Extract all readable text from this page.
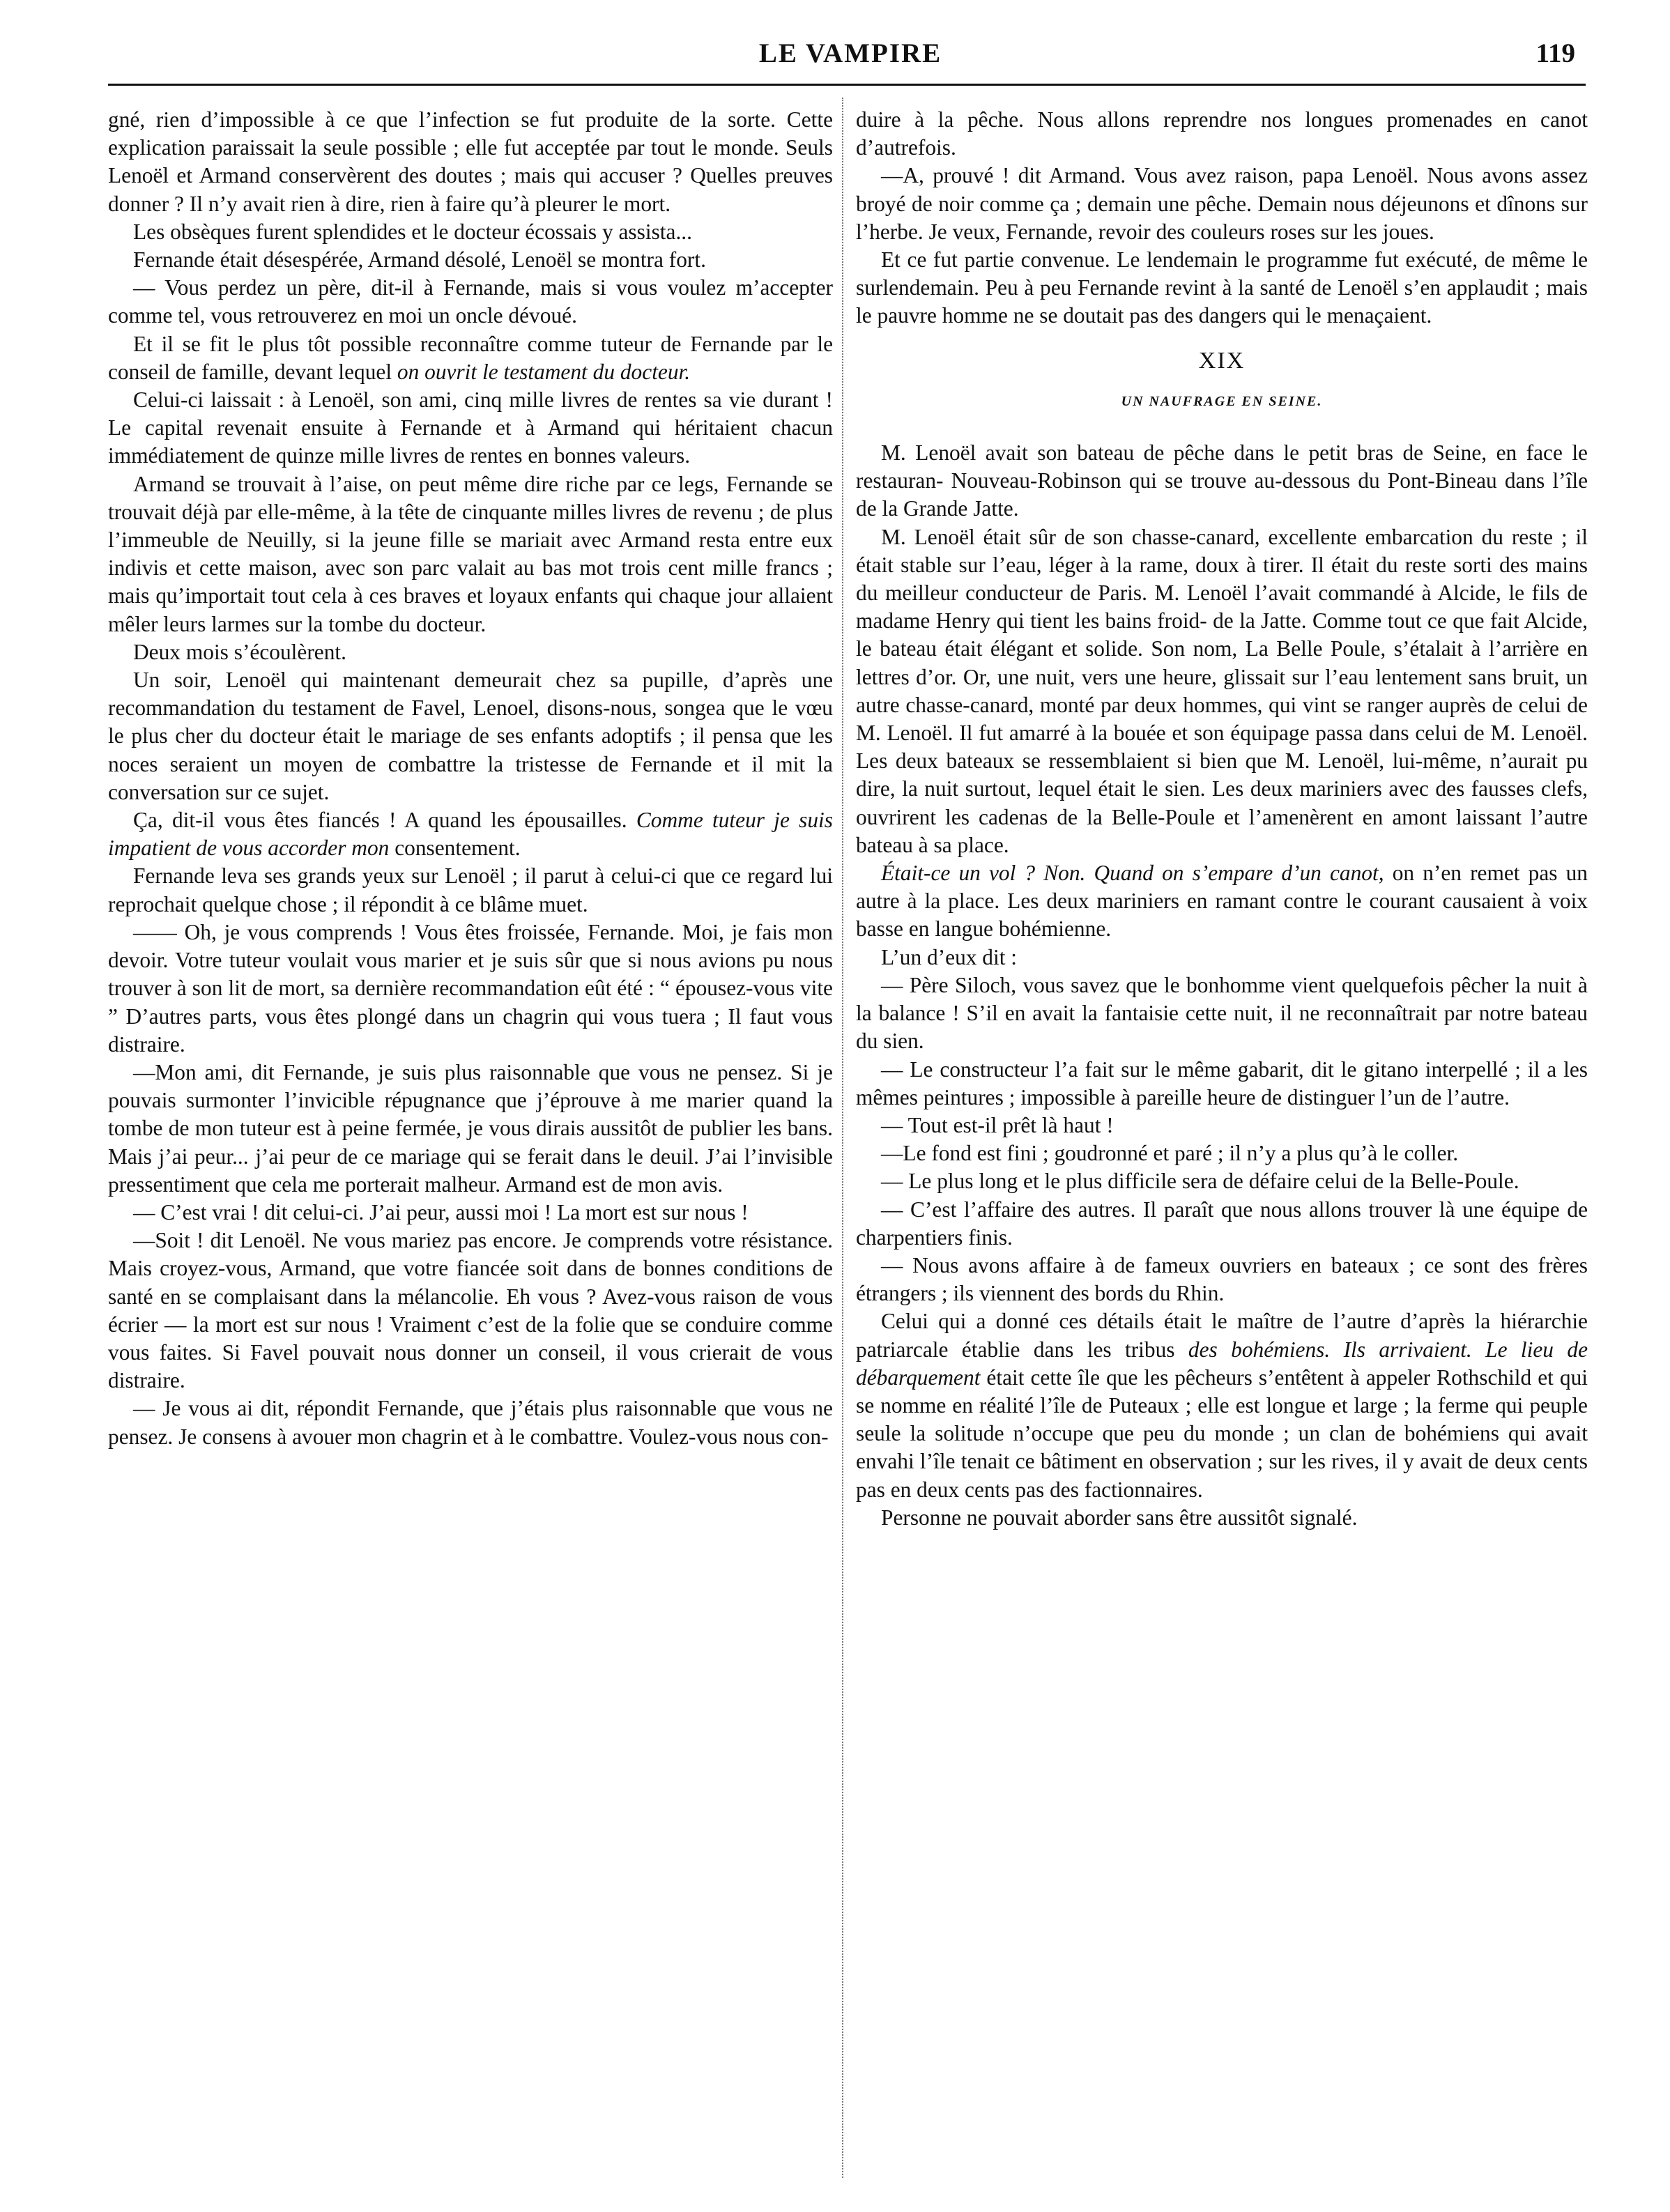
LE VAMPIRE	119

gné, rien d’impossible à ce que l’infection se fut produite de la sorte. Cette explication paraissait la seule possible ; elle fut acceptée par tout le monde. Seuls Lenoël et Armand conservèrent des doutes ; mais qui accuser ? Quelles preuves donner ? Il n’y avait rien à dire, rien à faire qu’à pleurer le mort.

Les obsèques furent splendides et le docteur écossais y assista...

Fernande était désespérée, Armand désolé, Lenoël se montra fort.

— Vous perdez un père, dit-il à Fernande, mais si vous voulez m’accepter comme tel, vous retrouverez en moi un oncle dévoué.

Et il se fit le plus tôt possible reconnaître comme tuteur de Fernande par le conseil de famille, devant lequel on ouvrit le testament du docteur.

Celui-ci laissait : à Lenoël, son ami, cinq mille livres de rentes sa vie durant ! Le capital revenait ensuite à Fernande et à Armand qui héritaient chacun immédiatement de quinze mille livres de rentes en bonnes valeurs.

Armand se trouvait à l’aise, on peut même dire riche par ce legs, Fernande se trouvait déjà par elle-même, à la tête de cinquante milles livres de revenu ; de plus l’immeuble de Neuilly, si la jeune fille se mariait avec Armand resta entre eux indivis et cette maison, avec son parc valait au bas mot trois cent mille francs ; mais qu’importait tout cela à ces braves et loyaux enfants qui chaque jour allaient mêler leurs larmes sur la tombe du docteur.

Deux mois s’écoulèrent.

Un soir, Lenoël qui maintenant demeurait chez sa pupille, d’après une recommandation du testament de Favel, Lenoel, disons-nous, songea que le vœu le plus cher du docteur était le mariage de ses enfants adoptifs ; il pensa que les noces seraient un moyen de combattre la tristesse de Fernande et il mit la conversation sur ce sujet.

Ça, dit-il vous êtes fiancés ! A quand les épousailles. Comme tuteur je suis impatient de vous accorder mon consentement.

Fernande leva ses grands yeux sur Lenoël ; il parut à celui-ci que ce regard lui reprochait quelque chose ; il répondit à ce blâme muet.

—— Oh, je vous comprends ! Vous êtes froissée, Fernande. Moi, je fais mon devoir. Votre tuteur voulait vous marier et je suis sûr que si nous avions pu nous trouver à son lit de mort, sa dernière recommandation eût été : “ épousez-vous vite ” D’autres parts, vous êtes plongé dans un chagrin qui vous tuera ; Il faut vous distraire.

—Mon ami, dit Fernande, je suis plus raisonnable que vous ne pensez. Si je pouvais surmonter l’invicible répugnance que j’éprouve à me marier quand la tombe de mon tuteur est à peine fermée, je vous dirais aussitôt de publier les bans. Mais j’ai peur... j’ai peur de ce mariage qui se ferait dans le deuil. J’ai l’invisible pressentiment que cela me porterait malheur. Armand est de mon avis.

— C’est vrai ! dit celui-ci. J’ai peur, aussi moi ! La mort est sur nous !

—Soit ! dit Lenoël. Ne vous mariez pas encore. Je comprends votre résistance. Mais croyez-vous, Armand, que votre fiancée soit dans de bonnes conditions de santé en se complaisant dans la mélancolie. Eh vous ? Avez-vous raison de vous écrier — la mort est sur nous ! Vraiment c’est de la folie que se conduire comme vous faites. Si Favel pouvait nous donner un conseil, il vous crierait de vous distraire.

— Je vous ai dit, répondit Fernande, que j’étais plus raisonnable que vous ne pensez. Je consens à avouer mon chagrin et à le combattre. Voulez-vous nous con-

duire à la pêche. Nous allons reprendre nos longues promenades en canot d’autrefois.

—A, prouvé ! dit Armand. Vous avez raison, papa Lenoël. Nous avons assez broyé de noir comme ça ; demain une pêche. Demain nous déjeunons et dînons sur l’herbe. Je veux, Fernande, revoir des couleurs roses sur les joues.

Et ce fut partie convenue. Le lendemain le programme fut exécuté, de même le surlendemain. Peu à peu Fernande revint à la santé de Lenoël s’en applaudit ; mais le pauvre homme ne se doutait pas des dangers qui le menaçaient.

XIX
UN NAUFRAGE EN SEINE.

M. Lenoël avait son bateau de pêche dans le petit bras de Seine, en face le restauran- Nouveau-Robinson qui se trouve au-dessous du Pont-Bineau dans l’île de la Grande Jatte.

M. Lenoël était sûr de son chasse-canard, excellente embarcation du reste ; il était stable sur l’eau, léger à la rame, doux à tirer. Il était du reste sorti des mains du meilleur conducteur de Paris. M. Lenoël l’avait commandé à Alcide, le fils de madame Henry qui tient les bains froid- de la Jatte. Comme tout ce que fait Alcide, le bateau était élégant et solide. Son nom, La Belle Poule, s’étalait à l’arrière en lettres d’or. Or, une nuit, vers une heure, glissait sur l’eau lentement sans bruit, un autre chasse-canard, monté par deux hommes, qui vint se ranger auprès de celui de M. Lenoël. Il fut amarré à la bouée et son équipage passa dans celui de M. Lenoël. Les deux bateaux se ressemblaient si bien que M. Lenoël, lui-même, n’aurait pu dire, la nuit surtout, lequel était le sien. Les deux mariniers avec des fausses clefs, ouvrirent les cadenas de la Belle-Poule et l’amenèrent en amont laissant l’autre bateau à sa place.

Était-ce un vol ? Non. Quand on s’empare d’un canot, on n’en remet pas un autre à la place. Les deux mariniers en ramant contre le courant causaient à voix basse en langue bohémienne.

L’un d’eux dit :

— Père Siloch, vous savez que le bonhomme vient quelquefois pêcher la nuit à la balance ! S’il en avait la fantaisie cette nuit, il ne reconnaîtrait par notre bateau du sien.

— Le constructeur l’a fait sur le même gabarit, dit le gitano interpellé ; il a les mêmes peintures ; impossible à pareille heure de distinguer l’un de l’autre.

— Tout est-il prêt là haut !

—Le fond est fini ; goudronné et paré ; il n’y a plus qu’à le coller.

— Le plus long et le plus difficile sera de défaire celui de la Belle-Poule.

— C’est l’affaire des autres. Il paraît que nous allons trouver là une équipe de charpentiers finis.

— Nous avons affaire à de fameux ouvriers en bateaux ; ce sont des frères étrangers ; ils viennent des bords du Rhin.

Celui qui a donné ces détails était le maître de l’autre d’après la hiérarchie patriarcale établie dans les tribus des bohémiens. Ils arrivaient. Le lieu de débarquement était cette île que les pêcheurs s’entêtent à appeler Rothschild et qui se nomme en réalité l’île de Puteaux ; elle est longue et large ; la ferme qui peuple seule la solitude n’occupe que peu du monde ; un clan de bohémiens qui avait envahi l’île tenait ce bâtiment en observation ; sur les rives, il y avait de deux cents pas en deux cents pas des factionnaires.

Personne ne pouvait aborder sans être aussitôt signalé.
